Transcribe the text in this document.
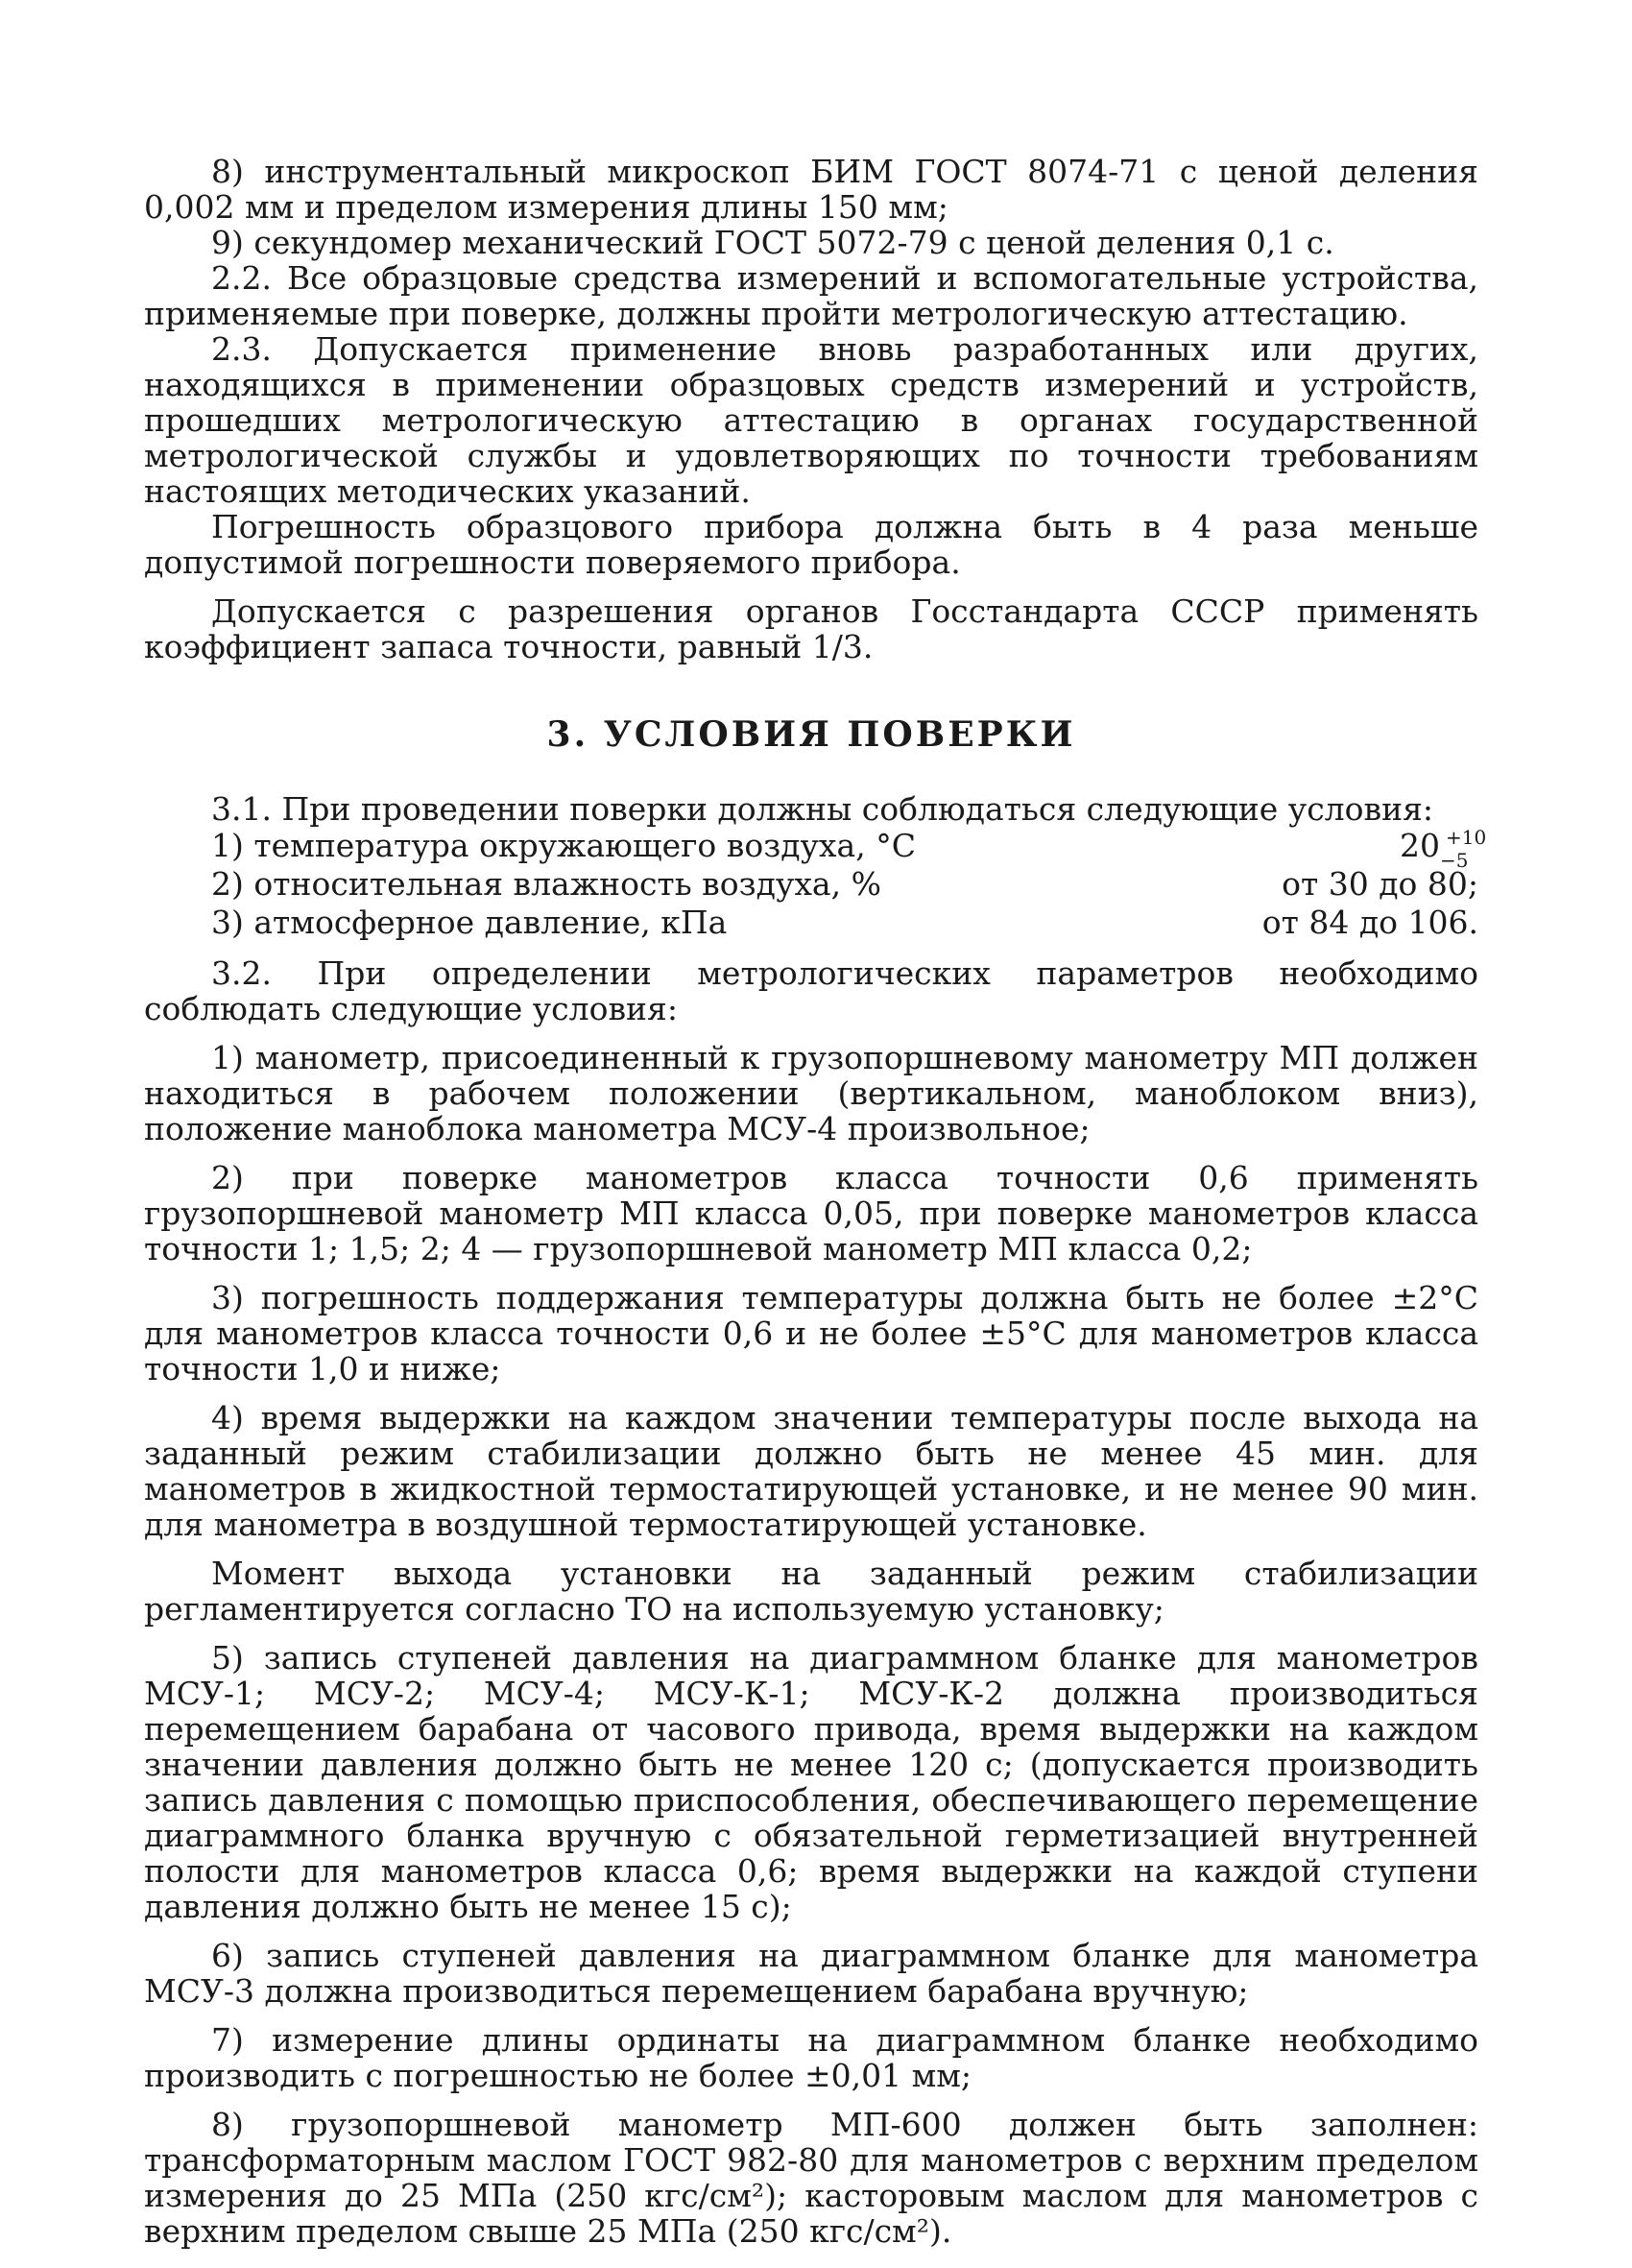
8) инструментальный микроскоп БИМ ГОСТ 8074-71 с ценой деления 0,002 мм и пределом измерения длины 150 мм;

9) секундомер механический ГОСТ 5072-79 с ценой деления 0,1 с.

2.2. Все образцовые средства измерений и вспомогательные устройства, применяемые при поверке, должны пройти метрологическую аттестацию.

2.3. Допускается применение вновь разработанных или других, находящихся в применении образцовых средств измерений и устройств, прошедших метрологическую аттестацию в органах государственной метрологической службы и удовлетворяющих по точности требованиям настоящих методических указаний.

Погрешность образцового прибора должна быть в 4 раза меньше допустимой погрешности поверяемого прибора.

Допускается с разрешения органов Госстандарта СССР применять коэффициент запаса точности, равный 1/3.

3. УСЛОВИЯ ПОВЕРКИ

3.1. При проведении поверки должны соблюдаться следующие условия:

1) температура окружающего воздуха, °С	20 +10
−5
2) относительная влажность воздуха, %	от 30 до 80;
3) атмосферное давление, кПа	от 84 до 106.

3.2. При определении метрологических параметров необходимо соблюдать следующие условия:

1) манометр, присоединенный к грузопоршневому манометру МП должен находиться в рабочем положении (вертикальном, маноблоком вниз), положение маноблока манометра МСУ-4 произвольное;

2) при поверке манометров класса точности 0,6 применять грузопоршневой манометр МП класса 0,05, при поверке манометров класса точности 1; 1,5; 2; 4 — грузопоршневой манометр МП класса 0,2;

3) погрешность поддержания температуры должна быть не более ±2°С для манометров класса точности 0,6 и не более ±5°С для манометров класса точности 1,0 и ниже;

4) время выдержки на каждом значении температуры после выхода на заданный режим стабилизации должно быть не менее 45 мин. для манометров в жидкостной термостатирующей установке, и не менее 90 мин. для манометра в воздушной термостатирующей установке.

Момент выхода установки на заданный режим стабилизации регламентируется согласно ТО на используемую установку;

5) запись ступеней давления на диаграммном бланке для манометров МСУ-1; МСУ-2; МСУ-4; МСУ-К-1; МСУ-К-2 должна производиться перемещением барабана от часового привода, время выдержки на каждом значении давления должно быть не менее 120 с; (допускается производить запись давления с помощью приспособления, обеспечивающего перемещение диаграммного бланка вручную с обязательной герметизацией внутренней полости для манометров класса 0,6; время выдержки на каждой ступени давления должно быть не менее 15 с);

6) запись ступеней давления на диаграммном бланке для манометра МСУ-3 должна производиться перемещением барабана вручную;

7) измерение длины ординаты на диаграммном бланке необходимо производить с погрешностью не более ±0,01 мм;

8) грузопоршневой манометр МП-600 должен быть заполнен: трансформаторным маслом ГОСТ 982-80 для манометров с верхним пределом измерения до 25 МПа (250 кгс/см²); касторовым маслом для манометров с верхним пределом свыше 25 МПа (250 кгс/см²).
